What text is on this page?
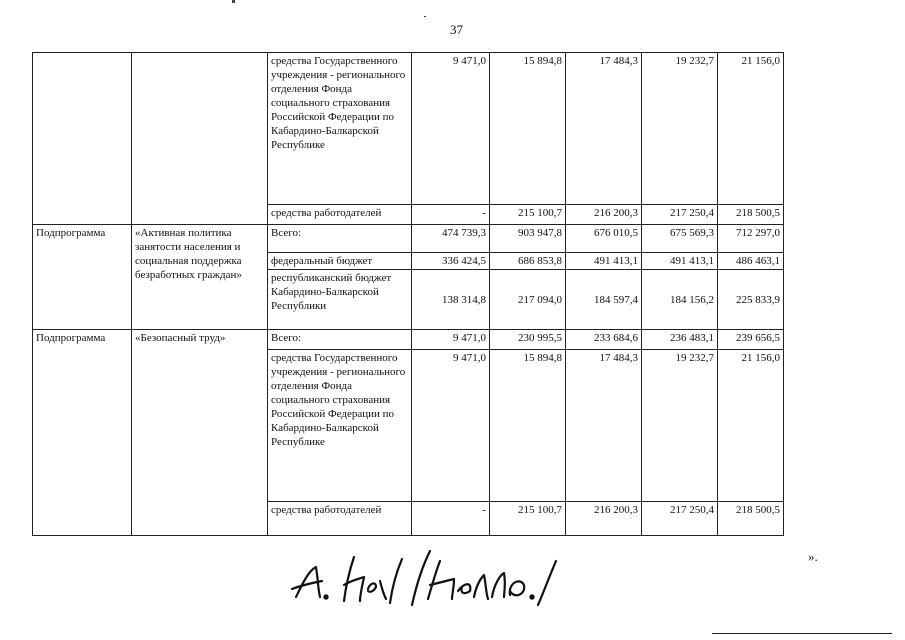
37
		средства Государственного учреждения - регионального отделения Фонда социального страхования Российской Федерации по Кабардино-Балкарской Республике	9 471,0	15 894,8	17 484,3	19 232,7	21 156,0
		средства работодателей	-	215 100,7	216 200,3	217 250,4	218 500,5
Подпрограмма	«Активная политика занятости населения и социальная поддержка безработных граждан»	Всего:	474 739,3	903 947,8	676 010,5	675 569,3	712 297,0
		федеральный бюджет	336 424,5	686 853,8	491 413,1	491 413,1	486 463,1
		республиканский бюджет Кабардино-Балкарской Республики	138 314,8	217 094,0	184 597,4	184 156,2	225 833,9
Подпрограмма	«Безопасный труд»	Всего:	9 471,0	230 995,5	233 684,6	236 483,1	239 656,5
		средства Государственного учреждения - регионального отделения Фонда социального страхования Российской Федерации по Кабардино-Балкарской Республике	9 471,0	15 894,8	17 484,3	19 232,7	21 156,0
		средства работодателей	-	215 100,7	216 200,3	217 250,4	218 500,5
».
